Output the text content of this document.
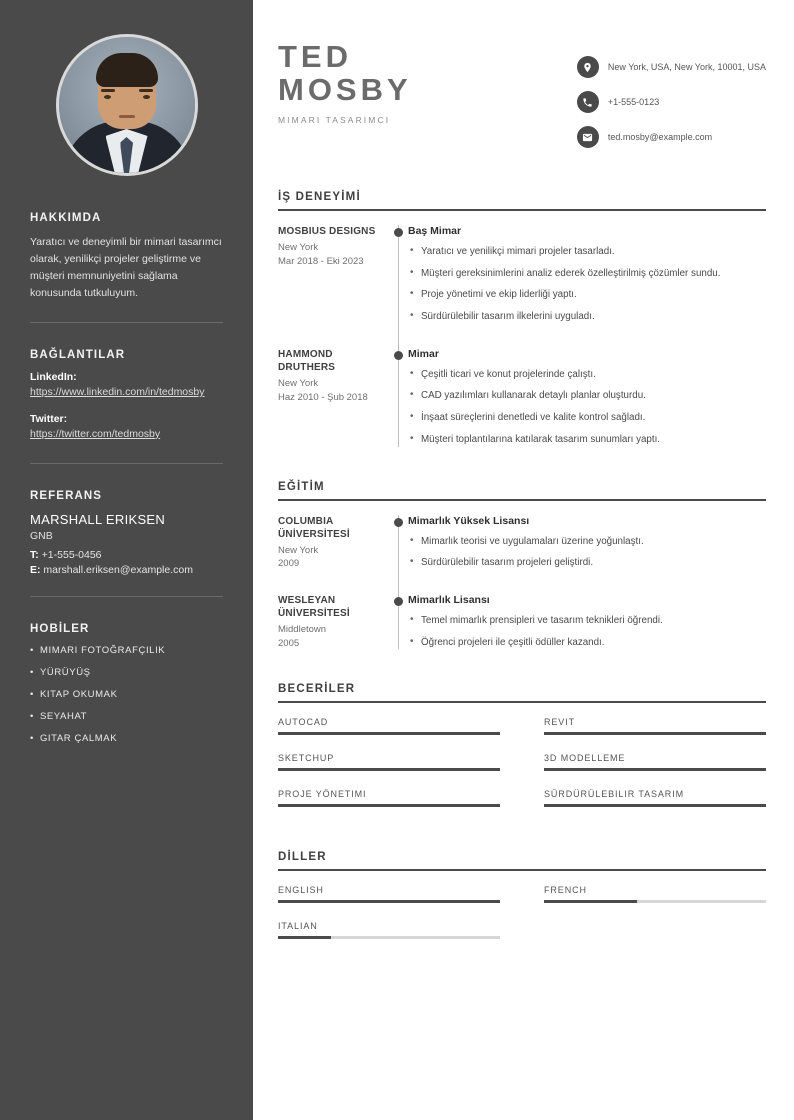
HAKKIMDA

Yaratıcı ve deneyimli bir mimari tasarımcı olarak, yenilikçi projeler geliştirme ve müşteri memnuniyetini sağlama konusunda tutkuluyum.

BAĞLANTILAR

LinkedIn:

https://www.linkedin.com/in/tedmosby

Twitter:

https://twitter.com/tedmosby
REFERANS

MARSHALL ERIKSEN

GNB

T: +1-555-0456

E: marshall.eriksen@example.com

HOBİLER

• MIMARI FOTOĞRAFÇILIK

• YÜRÜYÜŞ

• KITAP OKUMAK

• SEYAHAT

• GITAR ÇALMAK

TED
MOSBY

MIMARI TASARIMCI

New York, USA, New York, 10001, USA
+1-555-0123
ted.mosby@example.com
İŞ DENEYİMİ

MOSBIUS DESIGNS

New York

Mar 2018 - Eki 2023

Baş Mimar

• Yaratıcı ve yenilikçi mimari projeler tasarladı.
• Müşteri gereksinimlerini analiz ederek özelleştirilmiş çözümler sundu.
• Proje yönetimi ve ekip liderliği yaptı.
• Sürdürülebilir tasarım ilkelerini uyguladı.

HAMMOND DRUTHERS

New York

Haz 2010 - Şub 2018

Mimar

• Çeşitli ticari ve konut projelerinde çalıştı.
• CAD yazılımları kullanarak detaylı planlar oluşturdu.
• İnşaat süreçlerini denetledi ve kalite kontrol sağladı.
• Müşteri toplantılarına katılarak tasarım sunumları yaptı.
EĞİTİM

COLUMBIA ÜNİVERSİTESİ

New York

2009

Mimarlık Yüksek Lisansı

• Mimarlık teorisi ve uygulamaları üzerine yoğunlaştı.
• Sürdürülebilir tasarım projeleri geliştirdi.

WESLEYAN ÜNİVERSİTESİ

Middletown

2005

Mimarlık Lisansı

• Temel mimarlık prensipleri ve tasarım teknikleri öğrendi.
• Öğrenci projeleri ile çeşitli ödüller kazandı.
BECERİLER

AUTOCAD	REVIT

SKETCHUP	3D MODELLEME

PROJE YÖNETIMI	SÜRDÜRÜLEBILIR TASARIM

DİLLER

ENGLISH	FRENCH

ITALIAN
